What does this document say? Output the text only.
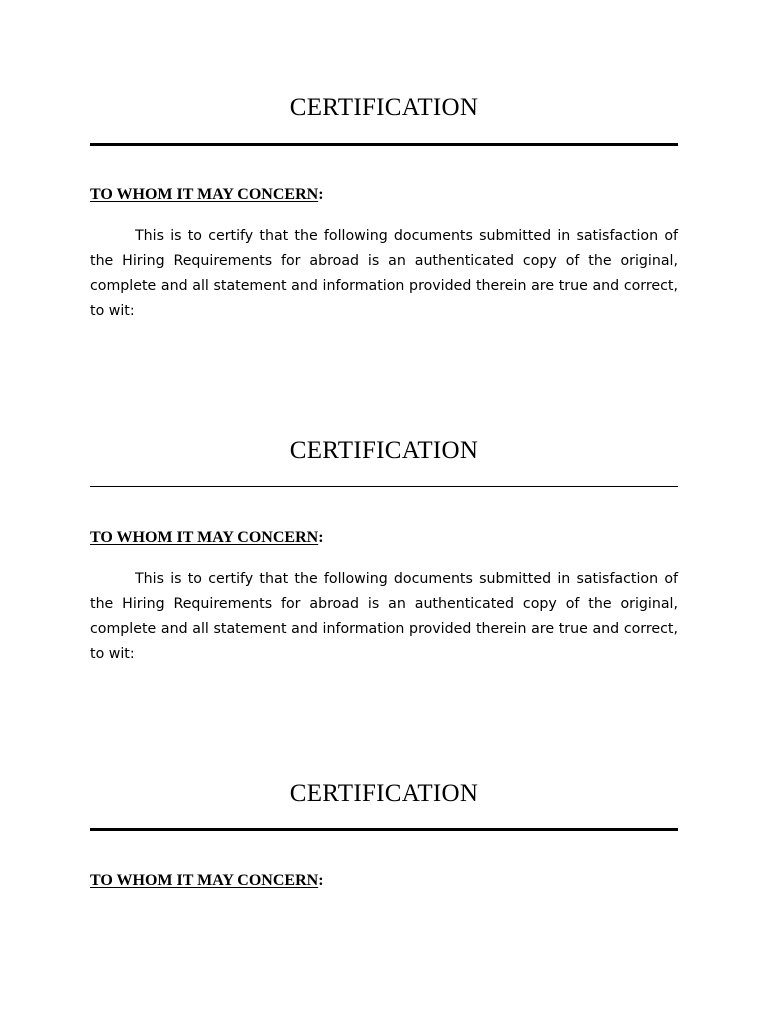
CERTIFICATION
TO WHOM IT MAY CONCERN:

This is to certify that the following documents submitted in satisfaction of the Hiring Requirements for abroad is an authenticated copy of the original, complete and all statement and information provided therein are true and correct, to wit:

CERTIFICATION
TO WHOM IT MAY CONCERN:

This is to certify that the following documents submitted in satisfaction of the Hiring Requirements for abroad is an authenticated copy of the original, complete and all statement and information provided therein are true and correct, to wit:

CERTIFICATION
TO WHOM IT MAY CONCERN:
